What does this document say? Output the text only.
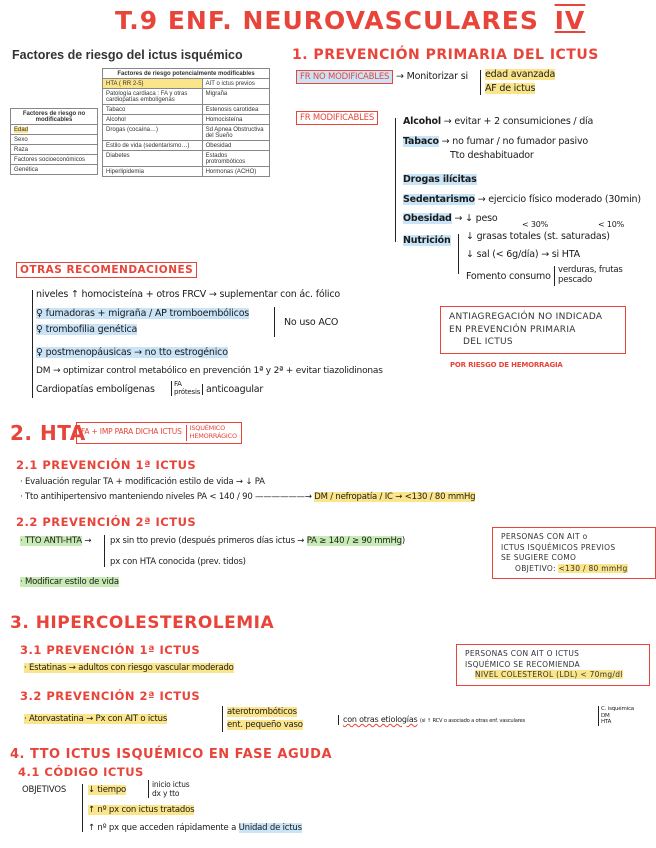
T.9 ENF. NEUROVASCULARES IV
Factores de riesgo del ictus isquémico
Factores de riesgo potencialmente modificables	
HTA ( RR 2-5)	AIT o ictus previos
Patología cardiaca : FA y otras cardiopatías embolígenas	Migraña
Tabaco	Estenosis carotídea
Alcohol	Homocisteína
Drogas (cocaína…)	Sd Apnea Obstructiva del Sueño
Estilo de vida (sedentarismo…)	Obesidad
Diabetes	Estados protrombóticos
Hiperlipidemia	Hormonas (ACHO)
Factores de riesgo no modificables
Edad
Sexo
Raza
Factores socioeconómicos
Genética
1. PREVENCIÓN PRIMARIA DEL ICTUS
FR NO MODIFICABLES → Monitorizar si edad avanzada
AF de ictus
FR MODIFICABLES	Alcohol → evitar + 2 consumiciones / día
Tabaco → no fumar / no fumador pasivo
Tto deshabituador
Drogas ilícitas
Sedentarismo → ejercicio físico moderado (30min)
Obesidad → ↓ peso
< 30%	< 10%
Nutrición ↓ grasas totales (st. saturadas)
↓ sal (< 6g/día) → si HTA
Fomento consumo
verduras, frutas
pescado
OTRAS RECOMENDACIONES
niveles ↑ homocisteína + otros FRCV → suplementar con ác. fólico
♀ fumadoras + migraña / AP tromboembólicos
♀ trombofilia genética
No uso ACO
♀ postmenopáusicas → no tto estrogénico
DM → optimizar control metabólico en prevención 1ª y 2ª + evitar tiazolidinonas
Cardiopatías embolígenas	FA
prótesis anticoagular
ANTIAGREGACIÓN NO INDICADA
EN PREVENCIÓN PRIMARIA
DEL ICTUS
POR RIESGO DE HEMORRAGIA
2. HTA
FA + IMP PARA DICHA ICTUS ISQUÉMICO
HEMORRÁGICO
2.1 PREVENCIÓN 1ª ICTUS
· Evaluación regular TA + modificación estilo de vida → ↓ PA
· Tto antihipertensivo manteniendo niveles PA < 140 / 90 ——————→ DM / nefropatía / IC → <130 / 80 mmHg
2.2 PREVENCIÓN 2ª ICTUS
· TTO ANTI-HTA → px sin tto previo (después primeros días ictus → PA ≥ 140 / ≥ 90 mmHg)
px con HTA conocida (prev. tidos)
· Modificar estilo de vida
PERSONAS CON AIT o
ICTUS ISQUÉMICOS PREVIOS
SE SUGIERE COMO
OBJETIVO: <130 / 80 mmHg
3. HIPERCOLESTEROLEMIA
3.1 PREVENCIÓN 1ª ICTUS
· Estatinas → adultos con riesgo vascular moderado
3.2 PREVENCIÓN 2ª ICTUS
· Atorvastatina → Px con AIT o ictus
aterotrombóticos
ent. pequeño vaso
con otras etiologías (si ↑ RCV o asociado a otras enf. vasculares
C. isquémica
DM
HTA
PERSONAS CON AIT O ICTUS
ISQUÉMICO SE RECOMIENDA
NIVEL COLESTEROL (LDL) < 70mg/dl
4. TTO ICTUS ISQUÉMICO EN FASE AGUDA
4.1 CÓDIGO ICTUS
OBJETIVOS	↓ tiempo
inicio ictus
dx y tto
↑ nº px con ictus tratados
↑ nº px que acceden rápidamente a Unidad de ictus
